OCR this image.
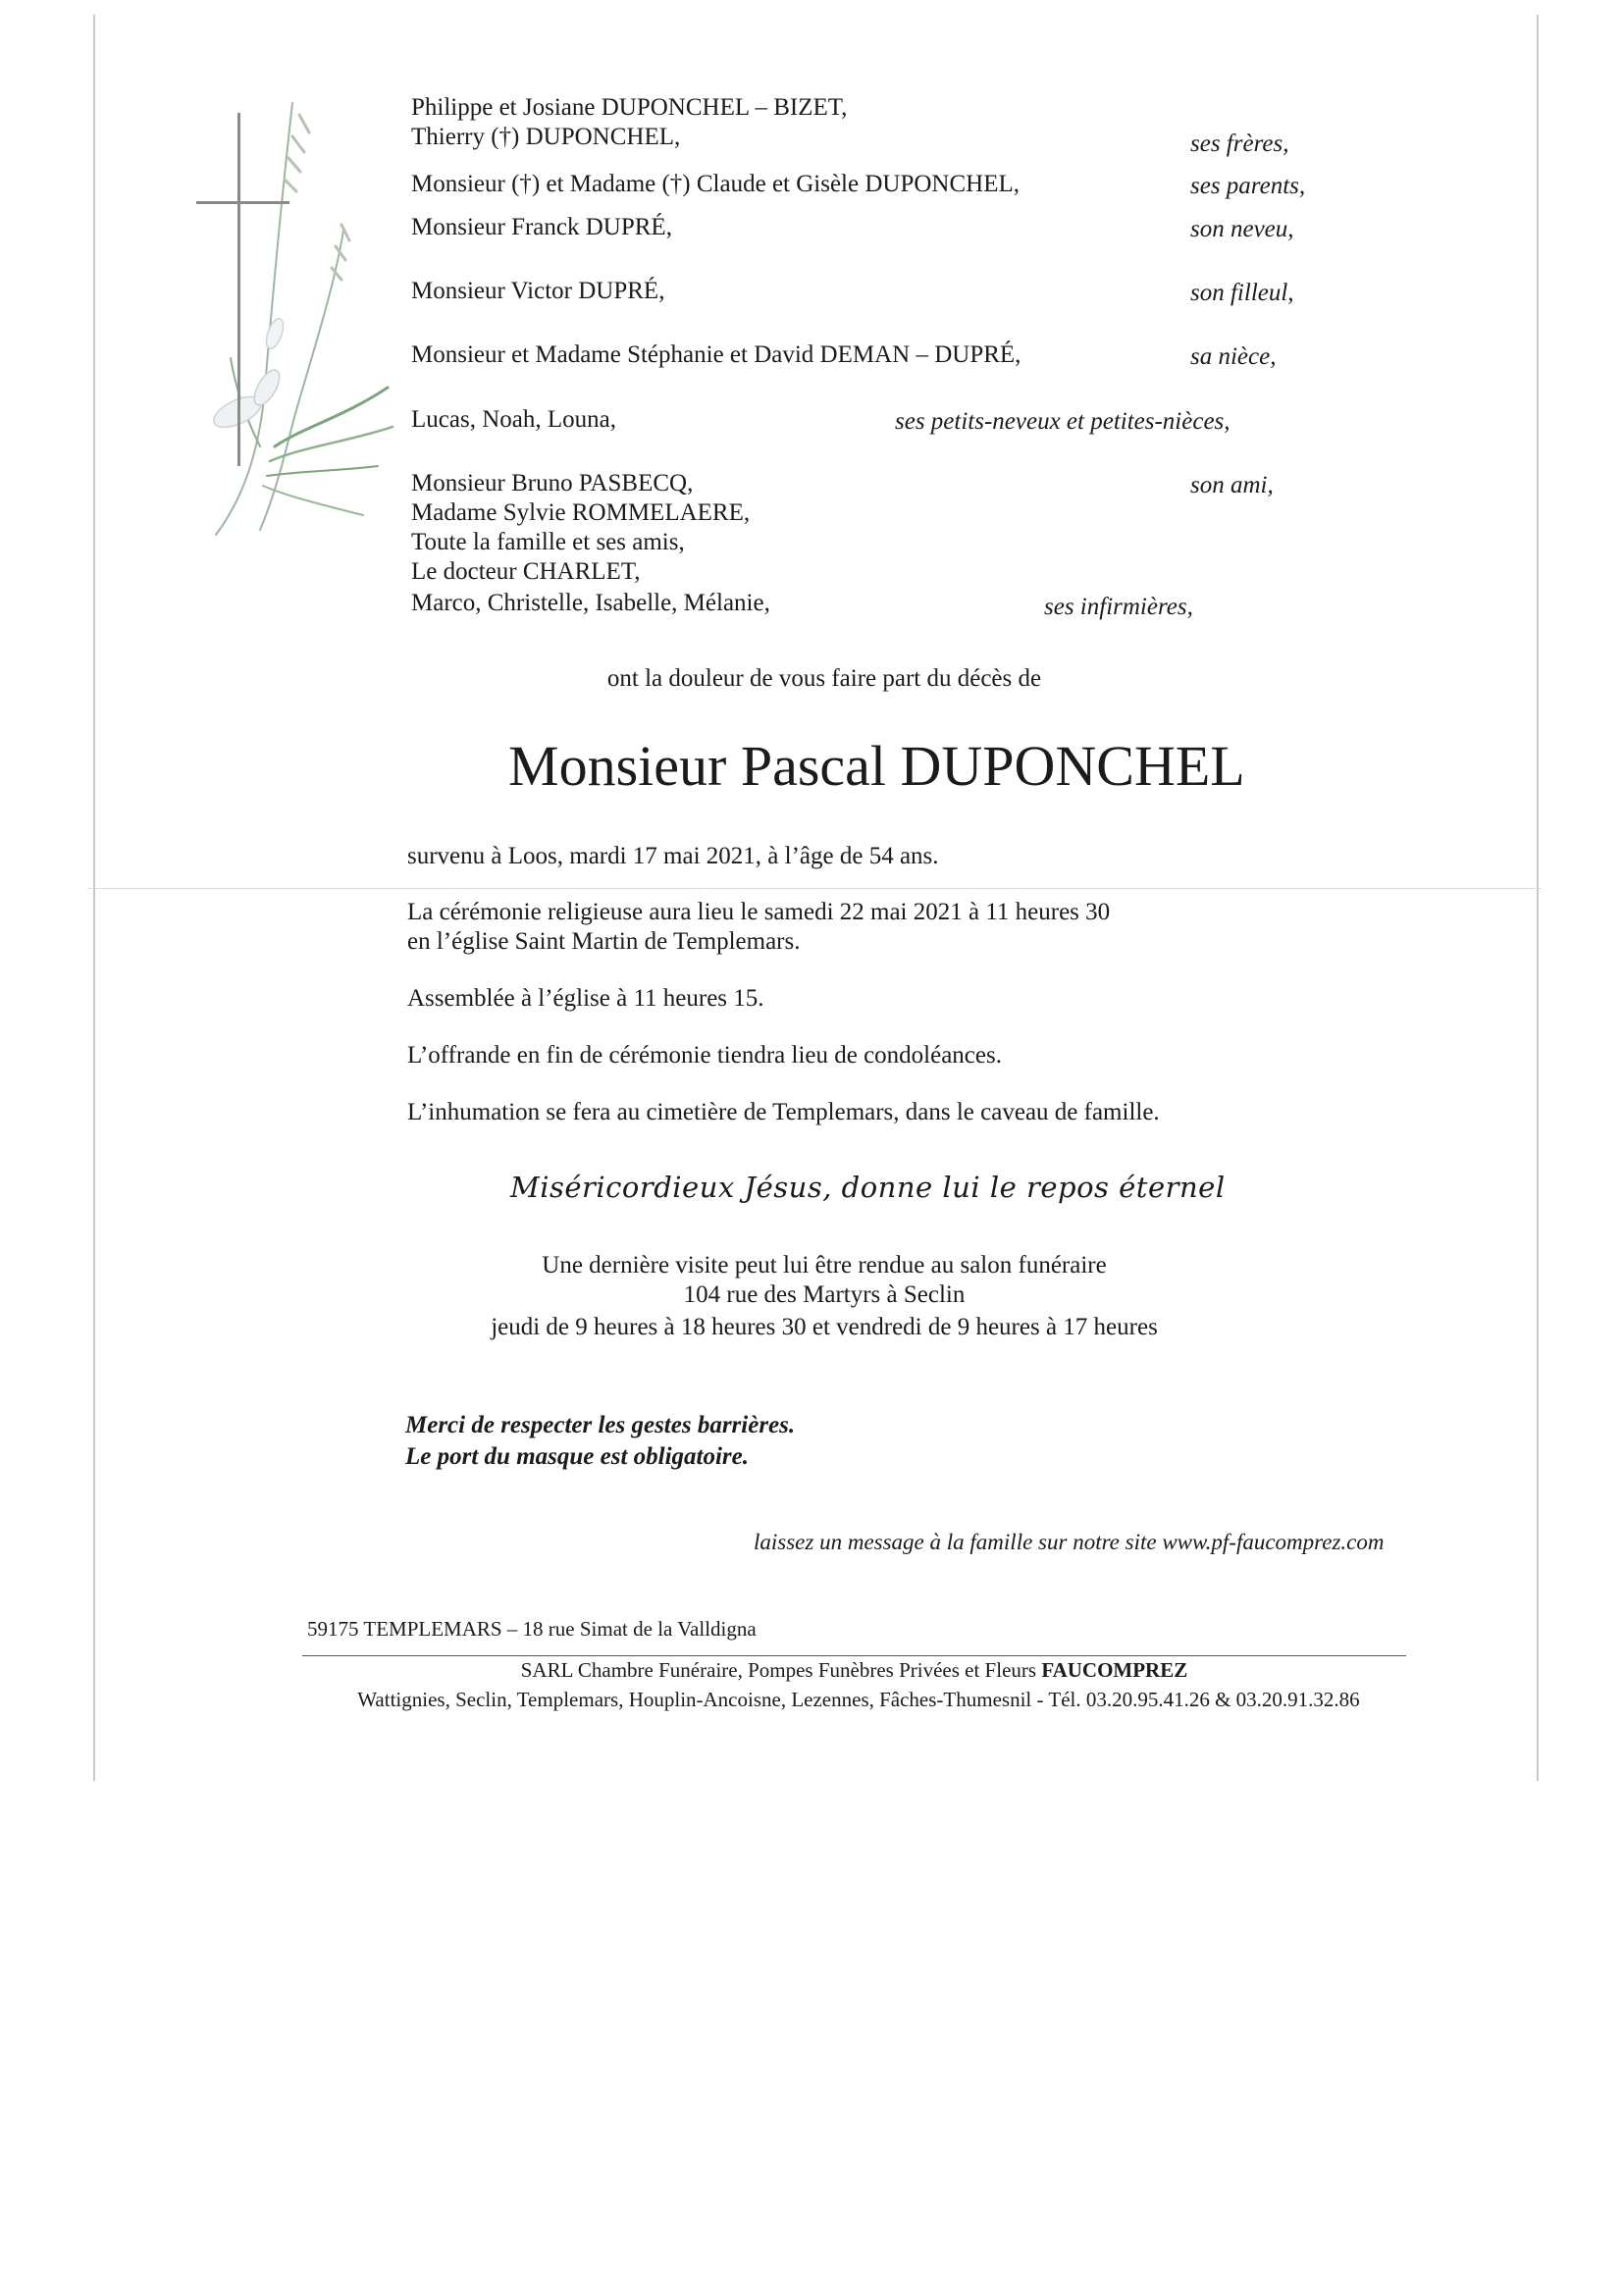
Philippe et Josiane DUPONCHEL – BIZET,
Thierry (†) DUPONCHEL,	ses frères,
Monsieur (†) et Madame (†) Claude et Gisèle DUPONCHEL,	ses parents,
Monsieur Franck DUPRÉ,	son neveu,
Monsieur Victor DUPRÉ,	son filleul,
Monsieur et Madame Stéphanie et David DEMAN – DUPRÉ,	sa nièce,
Lucas, Noah, Louna,	ses petits-neveux et petites-nièces,
Monsieur Bruno PASBECQ,	son ami,
Madame Sylvie ROMMELAERE,
Toute la famille et ses amis,
Le docteur CHARLET,
Marco, Christelle, Isabelle, Mélanie,	ses infirmières,
ont la douleur de vous faire part du décès de
Monsieur Pascal DUPONCHEL
survenu à Loos, mardi 17 mai 2021, à l’âge de 54 ans.
La cérémonie religieuse aura lieu le samedi 22 mai 2021 à 11 heures 30
en l’église Saint Martin de Templemars.
Assemblée à l’église à 11 heures 15.
L’offrande en fin de cérémonie tiendra lieu de condoléances.
L’inhumation se fera au cimetière de Templemars, dans le caveau de famille.
Miséricordieux Jésus, donne lui le repos éternel
Une dernière visite peut lui être rendue au salon funéraire
104 rue des Martyrs à Seclin
jeudi de 9 heures à 18 heures 30 et vendredi de 9 heures à 17 heures
Merci de respecter les gestes barrières.
Le port du masque est obligatoire.
laissez un message à la famille sur notre site www.pf-faucomprez.com
59175 TEMPLEMARS – 18 rue Simat de la Valldigna
SARL Chambre Funéraire, Pompes Funèbres Privées et Fleurs FAUCOMPREZ
Wattignies, Seclin, Templemars, Houplin-Ancoisne, Lezennes, Fâches-Thumesnil - Tél. 03.20.95.41.26 & 03.20.91.32.86
